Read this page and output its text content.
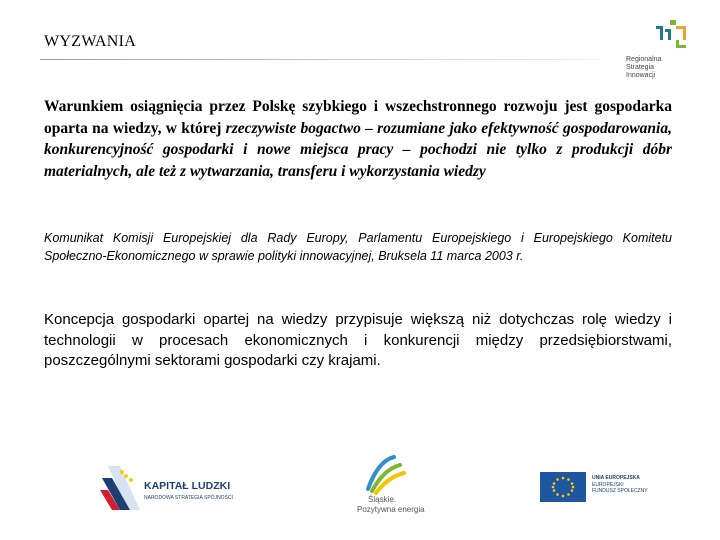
WYZWANIA
Regionalna
Strategia
Innowacji

Warunkiem osiągnięcia przez Polskę szybkiego i wszechstronnego rozwoju jest gospodarka oparta na wiedzy, w której rzeczywiste bogactwo – rozumiane jako efektywność gospodarowania, konkurencyjność gospodarki i nowe miejsca pracy – pochodzi nie tylko z produkcji dóbr materialnych, ale też z wytwarzania, transferu i wykorzystania wiedzy

Komunikat Komisji Europejskiej dla Rady Europy, Parlamentu Europejskiego i Europejskiego Komitetu Społeczno-Ekonomicznego w sprawie polityki innowacyjnej, Bruksela 11 marca 2003 r.

Koncepcja gospodarki opartej na wiedzy przypisuje większą niż dotychczas rolę wiedzy i technologii w procesach ekonomicznych i konkurencji między przedsiębiorstwami, poszczególnymi sektorami gospodarki czy krajami.

KAPITAŁ LUDZKI
NARODOWA STRATEGIA SPÓJNOŚCI	Śląskie.
Pozytywna energia
UNIA EUROPEJSKA
EUROPEJSKI
FUNDUSZ SPOŁECZNY
